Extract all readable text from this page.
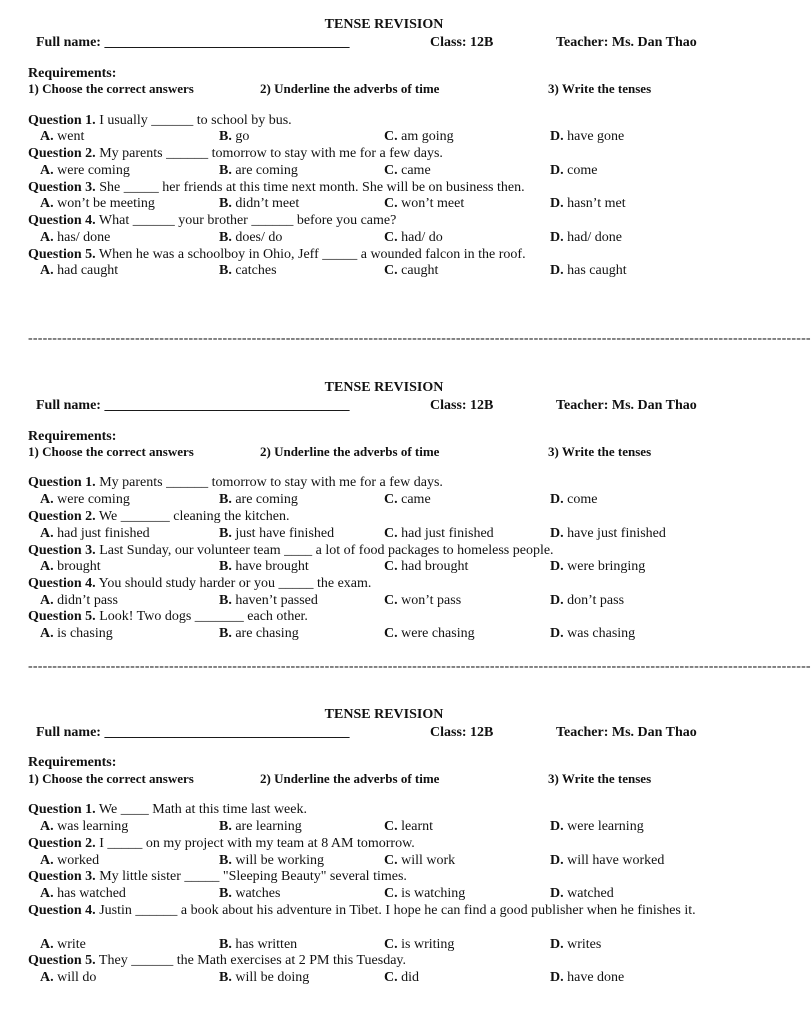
TENSE REVISION
Full name: ___________________________________	Class: 12B	Teacher: Ms. Dan Thao
Requirements:
1) Choose the correct answers	2) Underline the adverbs of time	3) Write the tenses
Question 1. I usually ______ to school by bus.
A. went	B. go	C. am going	D. have gone
Question 2. My parents ______ tomorrow to stay with me for a few days.
A. were coming	B. are coming	C. came	D. come
Question 3. She _____ her friends at this time next month. She will be on business then.
A. won’t be meeting	B. didn’t meet	C. won’t meet	D. hasn’t met
Question 4. What ______ your brother ______ before you came?
A. has/ done	B. does/ do	C. had/ do	D. had/ done
Question 5. When he was a schoolboy in Ohio, Jeff _____ a wounded falcon in the roof.
A. had caught	B. catches	C. caught	D. has caught
-----------------------------------------------------------------------------------------------------------------------------------------------------------------
TENSE REVISION
Full name: ___________________________________	Class: 12B	Teacher: Ms. Dan Thao
Requirements:
1) Choose the correct answers	2) Underline the adverbs of time	3) Write the tenses
Question 1. My parents ______ tomorrow to stay with me for a few days.
A. were coming	B. are coming	C. came	D. come
Question 2. We _______ cleaning the kitchen.
A. had just finished	B. just have finished	C. had just finished	D. have just finished
Question 3. Last Sunday, our volunteer team ____ a lot of food packages to homeless people.
A. brought	B. have brought	C. had brought	D. were bringing
Question 4. You should study harder or you _____ the exam.
A. didn’t pass	B. haven’t passed	C. won’t pass	D. don’t pass
Question 5. Look! Two dogs _______ each other.
A. is chasing	B. are chasing	C. were chasing	D. was chasing
-----------------------------------------------------------------------------------------------------------------------------------------------------------------
TENSE REVISION
Full name: ___________________________________	Class: 12B	Teacher: Ms. Dan Thao
Requirements:
1) Choose the correct answers	2) Underline the adverbs of time	3) Write the tenses
Question 1. We ____ Math at this time last week.
A. was learning	B. are learning	C. learnt	D. were learning
Question 2. I _____ on my project with my team at 8 AM tomorrow.
A. worked	B. will be working	C. will work	D. will have worked
Question 3. My little sister _____ "Sleeping Beauty" several times.
A. has watched	B. watches	C. is watching	D. watched
Question 4. Justin ______ a book about his adventure in Tibet. I hope he can find a good publisher when he finishes it.
A. write	B. has written	C. is writing	D. writes
Question 5. They ______ the Math exercises at 2 PM this Tuesday.
A. will do	B. will be doing	C. did	D. have done
